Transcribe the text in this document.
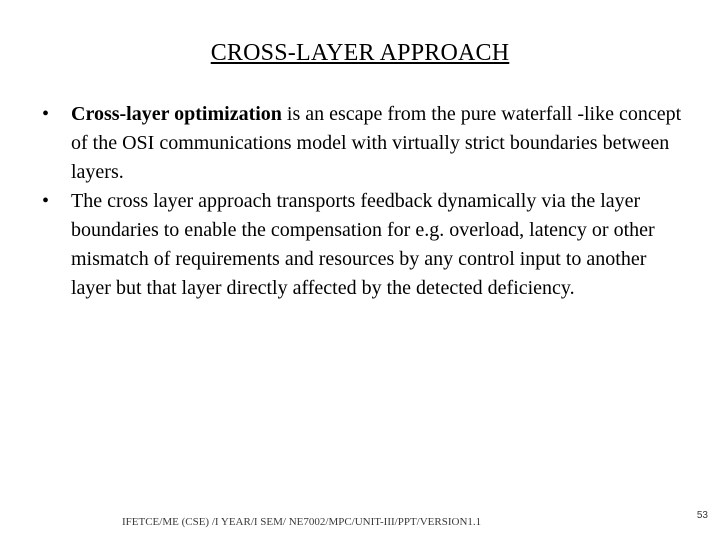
CROSS-LAYER APPROACH
•	Cross-layer optimization is an escape from the pure waterfall -like concept of the OSI communications model with virtually strict boundaries between layers.
•	The cross layer approach transports feedback dynamically via the layer boundaries to enable the compensation for e.g. overload, latency or other mismatch of requirements and resources by any control input to another layer but that layer directly affected by the detected deficiency.
IFETCE/ME (CSE) /I YEAR/I SEM/ NE7002/MPC/UNIT-III/PPT/VERSION1.1
53
